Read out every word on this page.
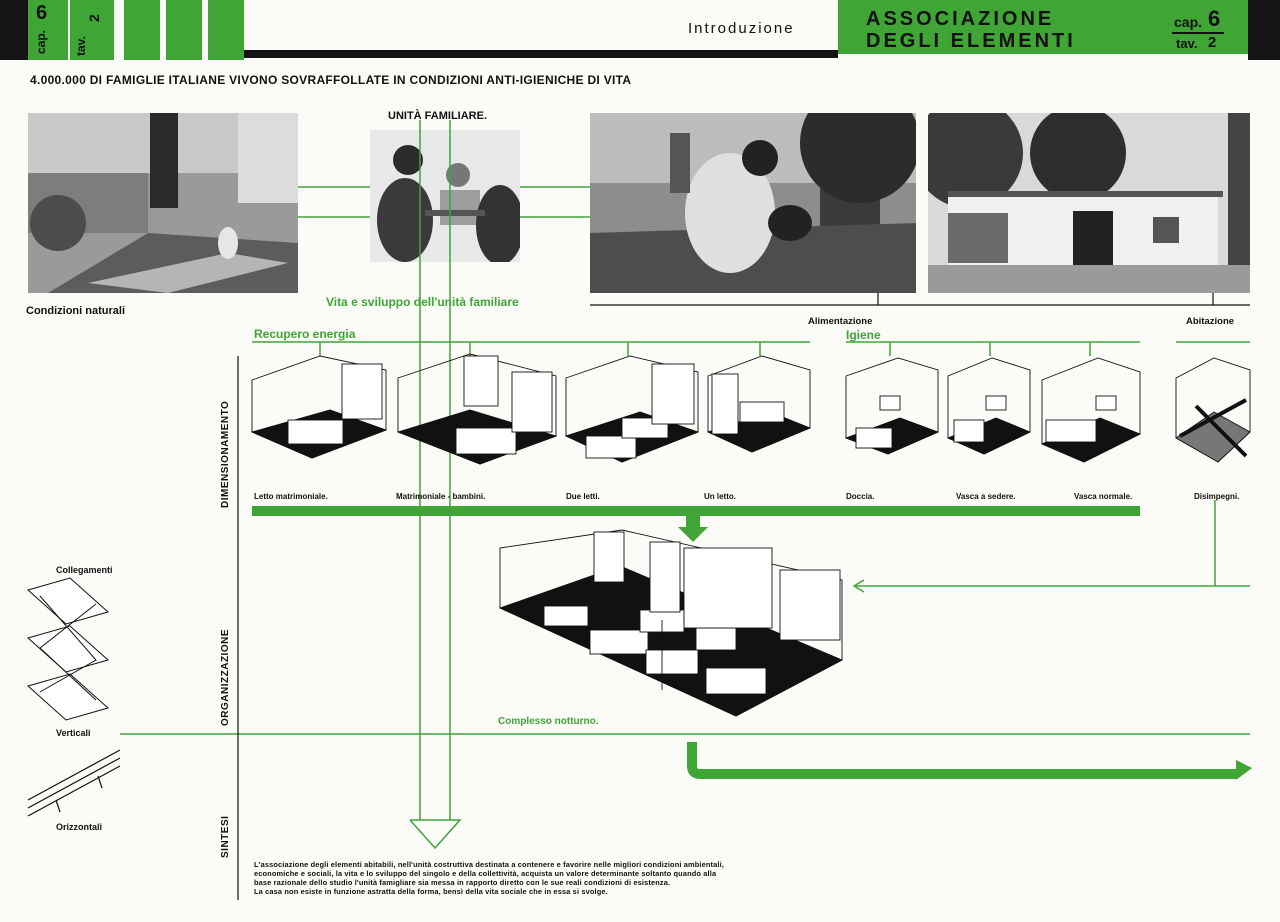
cap.
6
tav.
2
Introduzione	ASSOCIAZIONE
DEGLI ELEMENTI
cap. 6
tav. 2
4.000.000 DI FAMIGLIE ITALIANE VIVONO SOVRAFFOLLATE IN CONDIZIONI ANTI-IGIENICHE DI VITA
UNITÀ FAMILIARE.
Condizioni naturali
Vita e sviluppo dell'unità familiare
Alimentazione	Abitazione
Recupero energia	Igiene
Complesso notturno.
Letto matrimoniale.	Matrimoniale - bambini.	Due letti.	Un letto.	Doccia.	Vasca a sedere.	Vasca normale.	Disimpegni.
DIMENSIONAMENTO
ORGANIZZAZIONE
SINTESI
Collegamenti
Verticali
Orizzontali
L'associazione degli elementi abitabili, nell'unità costruttiva destinata a contenere e favorire nelle migliori condizioni ambientali,
economiche e sociali, la vita e lo sviluppo del singolo e della collettività, acquista un valore determinante soltanto quando alla
base razionale dello studio l'unità famigliare sia messa in rapporto diretto con le sue reali condizioni di esistenza.
La casa non esiste in funzione astratta della forma, bensì della vita sociale che in essa si svolge.
